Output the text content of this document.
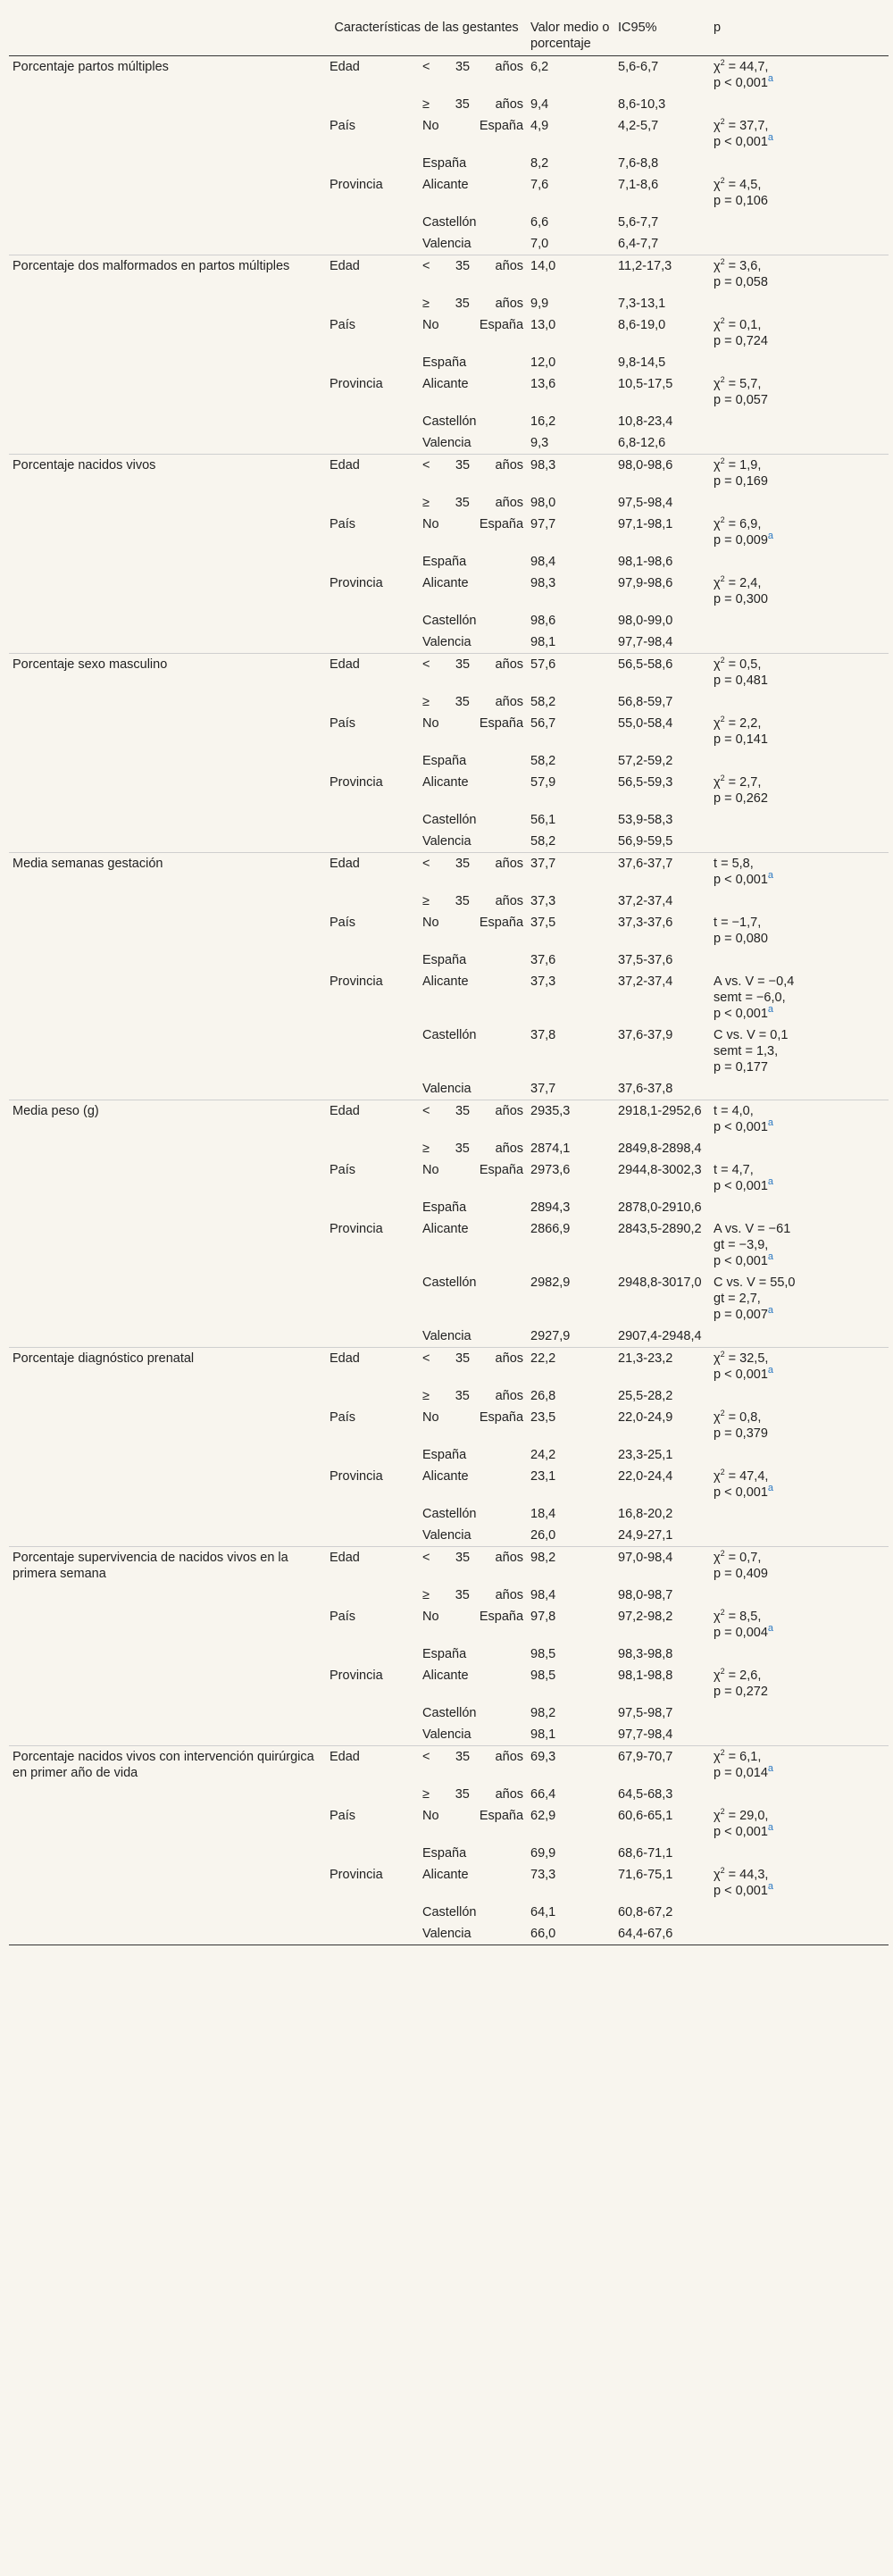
	Características de las gestantes		Valor medio o porcentaje	IC95%	p
Porcentaje partos múltiples	Edad	< 35 años	6,2	5,6-6,7	$\chi^2 = 44,7$,
p < 0,001$^a$

		≥ 35 años	9,4	8,6-10,3	
	País	No España	4,9	4,2-5,7	$\chi^2 = 37,7$,
p < 0,001$^a$

		España	8,2	7,6-8,8	
	Provincia	Alicante	7,6	7,1-8,6	$\chi^2 = 4,5$,
p = 0,106

		Castellón	6,6	5,6-7,7	
		Valencia	7,0	6,4-7,7	
Porcentaje dos malformados en partos múltiples	Edad	< 35 años	14,0	11,2-17,3	$\chi^2 = 3,6$,
p = 0,058

		≥ 35 años	9,9	7,3-13,1	
	País	No España	13,0	8,6-19,0	$\chi^2 = 0,1$,
p = 0,724

		España	12,0	9,8-14,5	
	Provincia	Alicante	13,6	10,5-17,5	$\chi^2 = 5,7$,
p = 0,057

		Castellón	16,2	10,8-23,4	
		Valencia	9,3	6,8-12,6	
Porcentaje nacidos vivos	Edad	< 35 años	98,3	98,0-98,6	$\chi^2 = 1,9$,
p = 0,169

		≥ 35 años	98,0	97,5-98,4	
	País	No España	97,7	97,1-98,1	$\chi^2 = 6,9$,
p = 0,009$^a$

		España	98,4	98,1-98,6	
	Provincia	Alicante	98,3	97,9-98,6	$\chi^2 = 2,4$,
p = 0,300

		Castellón	98,6	98,0-99,0	
		Valencia	98,1	97,7-98,4	
Porcentaje sexo masculino	Edad	< 35 años	57,6	56,5-58,6	$\chi^2 = 0,5$,
p = 0,481

		≥ 35 años	58,2	56,8-59,7	
	País	No España	56,7	55,0-58,4	$\chi^2 = 2,2$,
p = 0,141

		España	58,2	57,2-59,2	
	Provincia	Alicante	57,9	56,5-59,3	$\chi^2 = 2,7$,
p = 0,262

		Castellón	56,1	53,9-58,3	
		Valencia	58,2	56,9-59,5	
Media semanas gestación	Edad	< 35 años	37,7	37,6-37,7	t = 5,8,
p < 0,001$^a$

		≥ 35 años	37,3	37,2-37,4	
	País	No España	37,5	37,3-37,6	t = −1,7,
p = 0,080

		España	37,6	37,5-37,6	
	Provincia	Alicante	37,3	37,2-37,4	A vs. V = −0,4
semt = −6,0,
p < 0,001$^a$

		Castellón	37,8	37,6-37,9	C vs. V = 0,1
semt = 1,3,
p = 0,177

		Valencia	37,7	37,6-37,8	
Media peso (g)	Edad	< 35 años	2935,3	2918,1-2952,6	t = 4,0,
p < 0,001$^a$

		≥ 35 años	2874,1	2849,8-2898,4	
	País	No España	2973,6	2944,8-3002,3	t = 4,7,
p < 0,001$^a$

		España	2894,3	2878,0-2910,6	
	Provincia	Alicante	2866,9	2843,5-2890,2	A vs. V = −61
gt = −3,9,
p < 0,001$^a$

		Castellón	2982,9	2948,8-3017,0	C vs. V = 55,0
gt = 2,7,
p = 0,007$^a$

		Valencia	2927,9	2907,4-2948,4	
Porcentaje diagnóstico prenatal	Edad	< 35 años	22,2	21,3-23,2	$\chi^2 = 32,5$,
p < 0,001$^a$

		≥ 35 años	26,8	25,5-28,2	
	País	No España	23,5	22,0-24,9	$\chi^2 = 0,8$,
p = 0,379

		España	24,2	23,3-25,1	
	Provincia	Alicante	23,1	22,0-24,4	$\chi^2 = 47,4$,
p < 0,001$^a$

		Castellón	18,4	16,8-20,2	
		Valencia	26,0	24,9-27,1	
Porcentaje supervivencia de nacidos vivos en la primera semana	Edad	< 35 años	98,2	97,0-98,4	$\chi^2 = 0,7$,
p = 0,409

		≥ 35 años	98,4	98,0-98,7	
	País	No España	97,8	97,2-98,2	$\chi^2 = 8,5$,
p = 0,004$^a$

		España	98,5	98,3-98,8	
	Provincia	Alicante	98,5	98,1-98,8	$\chi^2 = 2,6$,
p = 0,272

		Castellón	98,2	97,5-98,7	
		Valencia	98,1	97,7-98,4	
Porcentaje nacidos vivos con intervención quirúrgica en primer año de vida	Edad	< 35 años	69,3	67,9-70,7	$\chi^2 = 6,1$,
p = 0,014$^a$

		≥ 35 años	66,4	64,5-68,3	
	País	No España	62,9	60,6-65,1	$\chi^2 = 29,0$,
p < 0,001$^a$

		España	69,9	68,6-71,1	
	Provincia	Alicante	73,3	71,6-75,1	$\chi^2 = 44,3$,
p < 0,001$^a$

		Castellón	64,1	60,8-67,2	
		Valencia	66,0	64,4-67,6	
